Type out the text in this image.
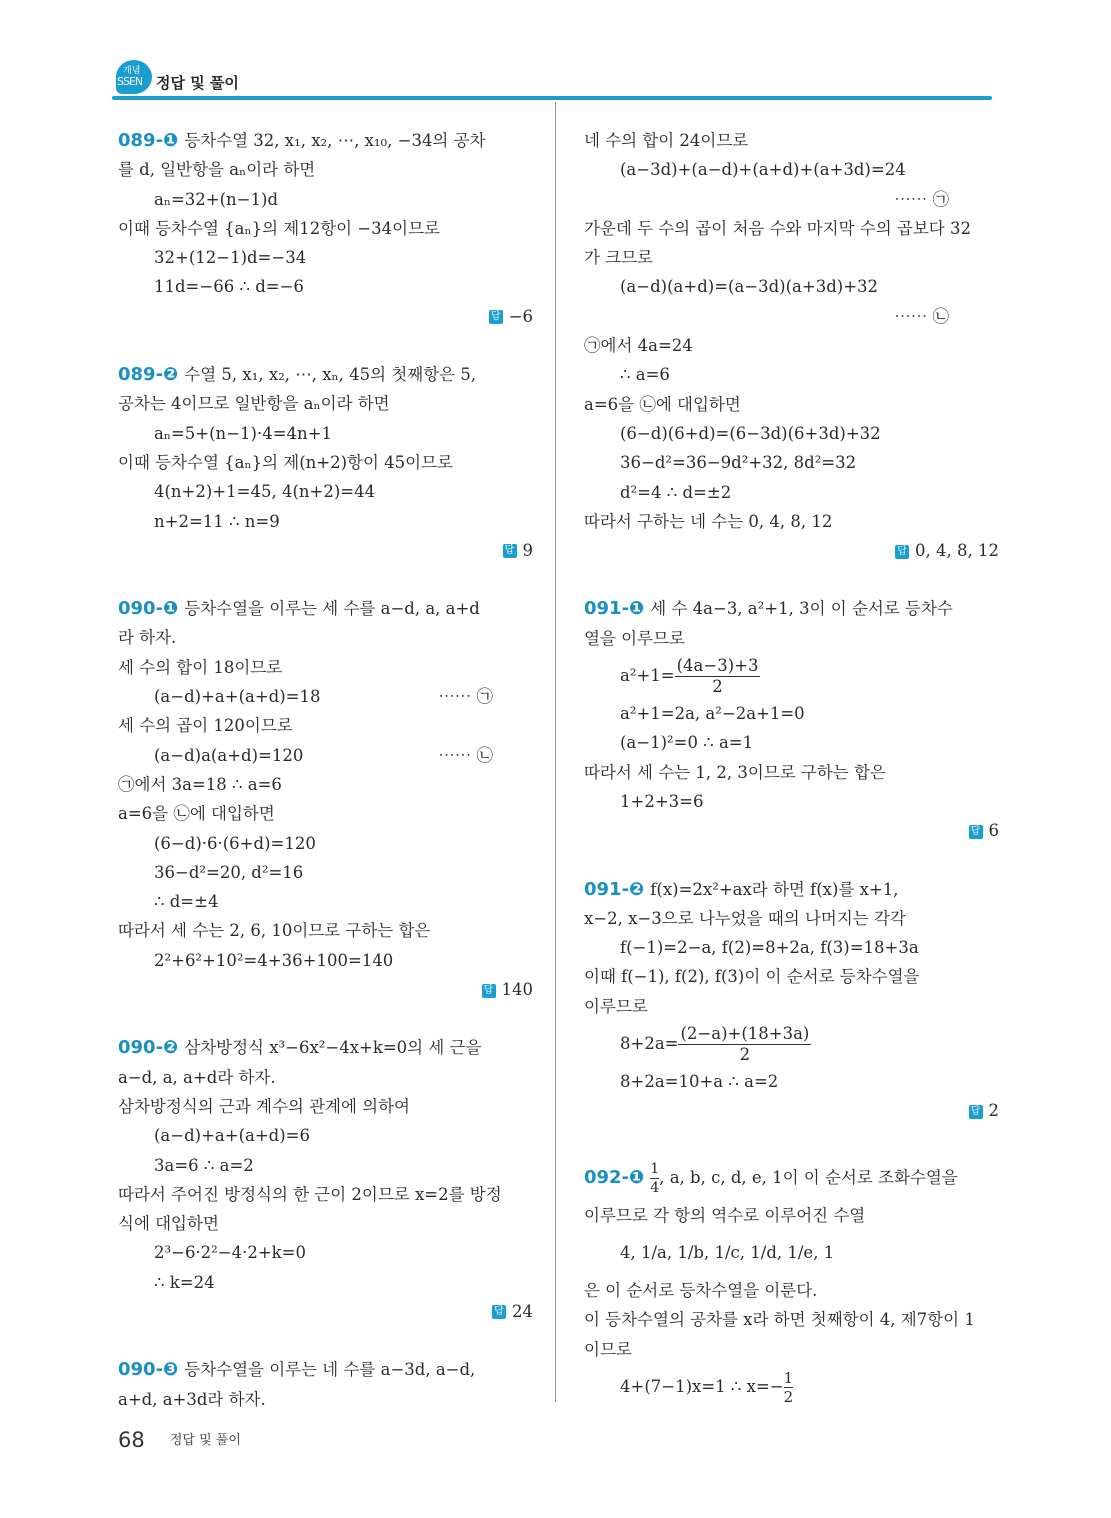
개념
SSEN 정답 및 풀이
089-❶ 등차수열 32, x₁, x₂, ⋯, x₁₀, −34의 공차
를 d, 일반항을 aₙ이라 하면
aₙ=32+(n−1)d
이때 등차수열 {aₙ}의 제12항이 −34이므로
32+(12−1)d=−34
11d=−66 ∴ d=−6
답 −6
089-❷ 수열 5, x₁, x₂, ⋯, xₙ, 45의 첫째항은 5,
공차는 4이므로 일반항을 aₙ이라 하면
aₙ=5+(n−1)·4=4n+1
이때 등차수열 {aₙ}의 제(n+2)항이 45이므로
4(n+2)+1=45, 4(n+2)=44
n+2=11 ∴ n=9
답 9
090-❶ 등차수열을 이루는 세 수를 a−d, a, a+d
라 하자.
세 수의 합이 18이므로
(a−d)+a+(a+d)=18	⋯⋯ ㉠
세 수의 곱이 120이므로
(a−d)a(a+d)=120	⋯⋯ ㉡
㉠에서 3a=18 ∴ a=6
a=6을 ㉡에 대입하면
(6−d)·6·(6+d)=120
36−d²=20, d²=16
∴ d=±4
따라서 세 수는 2, 6, 10이므로 구하는 합은
2²+6²+10²=4+36+100=140
답 140
090-❷ 삼차방정식 x³−6x²−4x+k=0의 세 근을
a−d, a, a+d라 하자.
삼차방정식의 근과 계수의 관계에 의하여
(a−d)+a+(a+d)=6
3a=6 ∴ a=2
따라서 주어진 방정식의 한 근이 2이므로 x=2를 방정
식에 대입하면
2³−6·2²−4·2+k=0
∴ k=24
답 24
090-❸ 등차수열을 이루는 네 수를 a−3d, a−d,
a+d, a+3d라 하자.
네 수의 합이 24이므로
(a−3d)+(a−d)+(a+d)+(a+3d)=24
⋯⋯ ㉠
가운데 두 수의 곱이 처음 수와 마지막 수의 곱보다 32
가 크므로
(a−d)(a+d)=(a−3d)(a+3d)+32
⋯⋯ ㉡
㉠에서 4a=24
∴ a=6
a=6을 ㉡에 대입하면
(6−d)(6+d)=(6−3d)(6+3d)+32
36−d²=36−9d²+32, 8d²=32
d²=4 ∴ d=±2
따라서 구하는 네 수는 0, 4, 8, 12
답 0, 4, 8, 12
091-❶ 세 수 4a−3, a²+1, 3이 이 순서로 등차수
열을 이루므로
$a^2+1= \frac{(4a-3)+3}{2}$
a²+1=2a, a²−2a+1=0
(a−1)²=0 ∴ a=1
따라서 세 수는 1, 2, 3이므로 구하는 합은
1+2+3=6
답 6
091-❷ f(x)=2x²+ax라 하면 f(x)를 x+1,
x−2, x−3으로 나누었을 때의 나머지는 각각
f(−1)=2−a, f(2)=8+2a, f(3)=18+3a
이때 f(−1), f(2), f(3)이 이 순서로 등차수열을
이루므로
$8+2a= \frac{(2-a)+(18+3a)}{2}$
8+2a=10+a ∴ a=2
답 2
092-❶ $\frac{1}{4}$ , a, b, c, d, e, 1이 이 순서로 조화수열을
이루므로 각 항의 역수로 이루어진 수열
4, 1/a, 1/b, 1/c, 1/d, 1/e, 1
은 이 순서로 등차수열을 이룬다.
이 등차수열의 공차를 x라 하면 첫째항이 4, 제7항이 1
이므로
4+(7−1)x=1 ∴ $x=- \frac{1}{2}$
68 정답 및 풀이
